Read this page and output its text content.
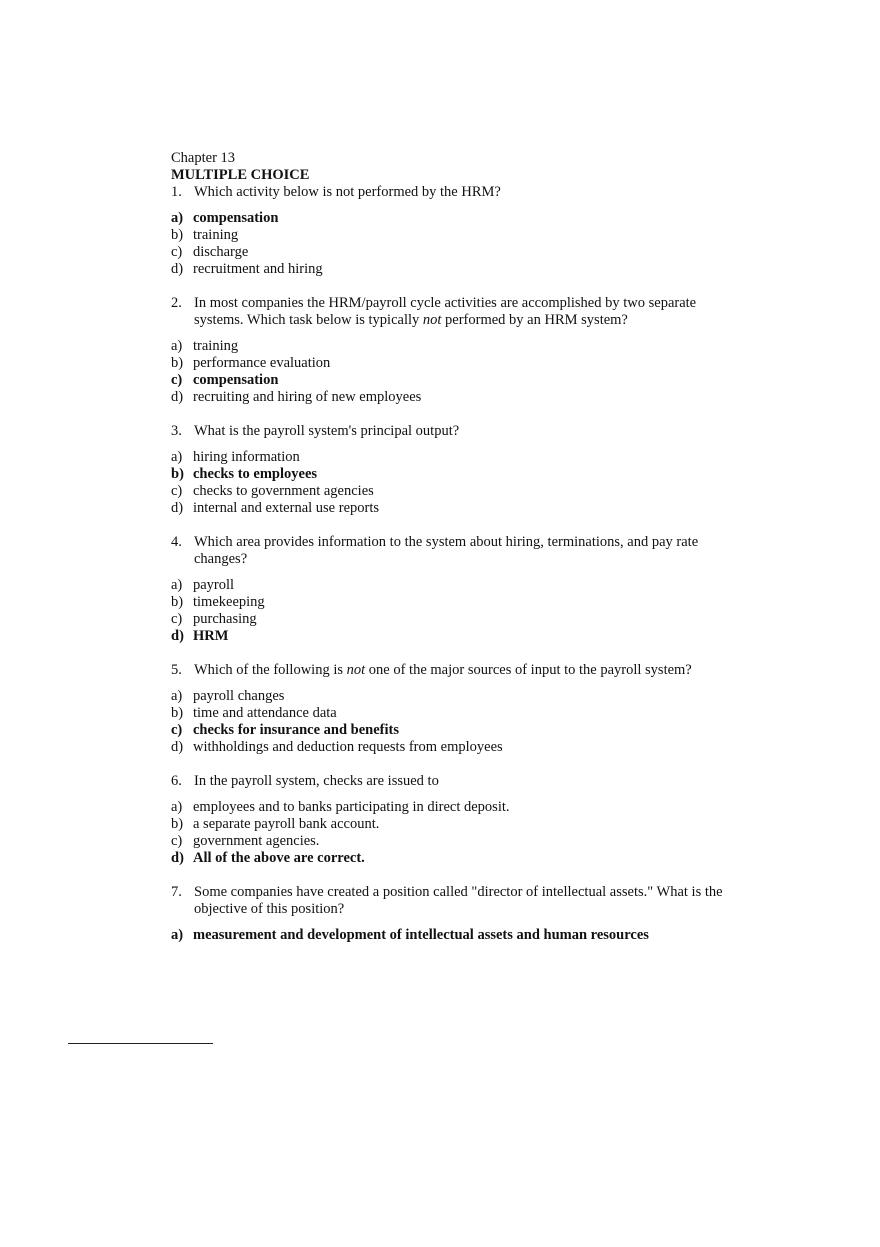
Chapter 13

MULTIPLE CHOICE

1. Which activity below is not performed by the HRM?
a) compensation
b) training
c) discharge
d) recruitment and hiring
2. In most companies the HRM/payroll cycle activities are accomplished by two separate systems. Which task below is typically not performed by an HRM system?
a) training
b) performance evaluation
c) compensation
d) recruiting and hiring of new employees
3. What is the payroll system's principal output?
a) hiring information
b) checks to employees
c) checks to government agencies
d) internal and external use reports
4. Which area provides information to the system about hiring, terminations, and pay rate changes?
a) payroll
b) timekeeping
c) purchasing
d) HRM
5. Which of the following is not one of the major sources of input to the payroll system?
a) payroll changes
b) time and attendance data
c) checks for insurance and benefits
d) withholdings and deduction requests from employees
6. In the payroll system, checks are issued to
a) employees and to banks participating in direct deposit.
b) a separate payroll bank account.
c) government agencies.
d) All of the above are correct.
7. Some companies have created a position called "director of intellectual assets." What is the objective of this position?
a) measurement and development of intellectual assets and human resources
